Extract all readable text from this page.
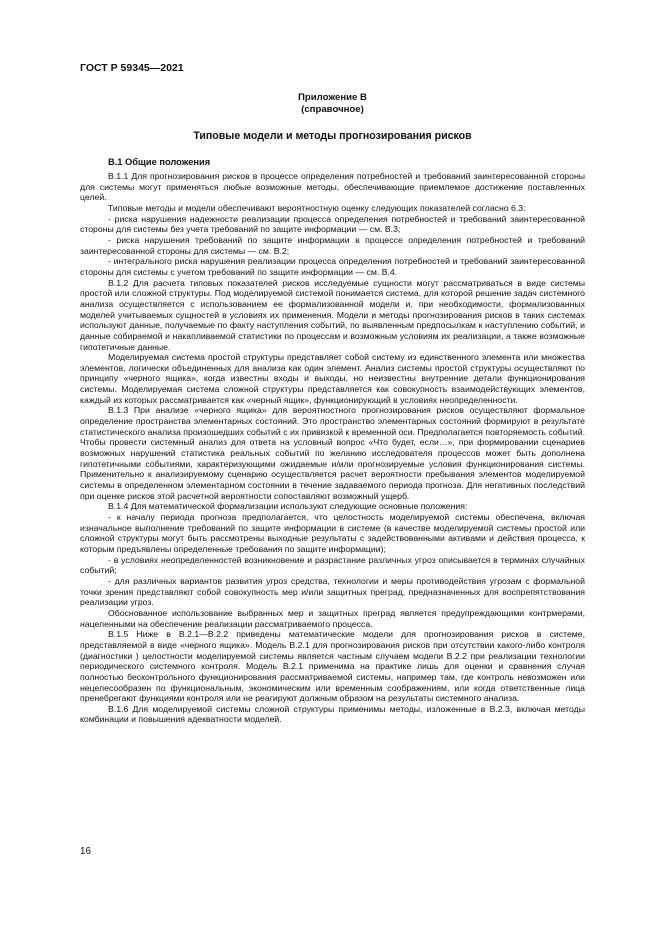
ГОСТ Р 59345—2021
Приложение В
(справочное)
Типовые модели и методы прогнозирования рисков
В.1 Общие положения

В.1.1 Для прогнозирования рисков в процессе определения потребностей и требований заинтересованной стороны для системы могут применяться любые возможные методы, обеспечивающие приемлемое достижение поставленных целей.

Типовые методы и модели обеспечивают вероятностную оценку следующих показателей согласно 6.3:

- риска нарушения надежности реализации процесса определения потребностей и требований заинтересованной стороны для системы без учета требований по защите информации — см. В.3;

- риска нарушения требований по защите информации в процессе определения потребностей и требований заинтересованной стороны для системы — см. В.2;

- интегрального риска нарушения реализации процесса определения потребностей и требований заинтересованной стороны для системы с учетом требований по защите информации — см. В.4.

В.1.2 Для расчета типовых показателей рисков исследуемые сущности могут рассматриваться в виде системы простой или сложной структуры. Под моделируемой системой понимается система, для которой решение задач системного анализа осуществляется с использованием ее формализованной модели и, при необходимости, формализованных моделей учитываемых сущностей в условиях их применения. Модели и методы прогнозирования рисков в таких системах используют данные, получаемые по факту наступления событий, по выявленным предпосылкам к наступлению событий, и данные собираемой и накапливаемой статистики по процессам и возможным условиям их реализации, а также возможные гипотетичные данные.

Моделируемая система простой структуры представляет собой систему из единственного элемента или множества элементов, логически объединенных для анализа как один элемент. Анализ системы простой структуры осуществляют по принципу «черного ящика», когда известны входы и выходы, но неизвестны внутренние детали функционирования системы. Моделируемая система сложной структуры представляется как совокупность взаимодействующих элементов, каждый из которых рассматривается как «черный ящик», функционирующий в условиях неопределенности.

В.1.3 При анализе «черного ящика» для вероятностного прогнозирования рисков осуществляют формальное определение пространства элементарных состояний. Это пространство элементарных состояний формируют в результате статистического анализа произошедших событий с их привязкой к временной оси. Предполагается повторяемость событий. Чтобы провести системный анализ для ответа на условный вопрос «Что будет, если…», при формировании сценариев возможных нарушений статистика реальных событий по желанию исследователя процессов может быть дополнена гипотетичными событиями, характеризующими ожидаемые и/или прогнозируемые условия функционирования системы. Применительно к анализируемому сценарию осуществляется расчет вероятности пребывания элементов моделируемой системы в определенном элементарном состоянии в течение задаваемого периода прогноза. Для негативных последствий при оценке рисков этой расчетной вероятности сопоставляют возможный ущерб.

В.1.4 Для математической формализации используют следующие основные положения:

- к началу периода прогноза предполагается, что целостность моделируемой системы обеспечена, включая изначальное выполнение требований по защите информации в системе (в качестве моделируемой системы простой или сложной структуры могут быть рассмотрены выходные результаты с задействованными активами и действия процесса, к которым предъявлены определенные требования по защите информации);

- в условиях неопределенностей возникновение и разрастание различных угроз описывается в терминах случайных событий;

- для различных вариантов развития угроз средства, технологии и меры противодействия угрозам с формальной точки зрения представляют собой совокупность мер и/или защитных преград, предназначенных для воспрепятствования реализации угроз.

Обоснованное использование выбранных мер и защитных преград является предупреждающими контрмерами, нацеленными на обеспечение реализации рассматриваемого процесса.

В.1.5 Ниже в В.2.1—В.2.2 приведены математические модели для прогнозирования рисков в системе, представляемой в виде «черного ящика». Модель В.2.1 для прогнозирования рисков при отсутствии какого-либо контроля (диагностики ) целостности моделируемой системы является частным случаем модели В.2.2 при реализации технологии периодического системного контроля. Модель В.2.1 применима на практике лишь для оценки и сравнения случая полностью бесконтрольного функционирования рассматриваемой системы, например там, где контроль невозможен или нецелесообразен по функциональным, экономическим или временным соображениям, или когда ответственные лица пренебрегают функциями контроля или не реагируют должным образом на результаты системного анализа.

В.1.6 Для моделируемой системы сложной структуры применимы методы, изложенные в В.2.3, включая методы комбинации и повышения адекватности моделей.

16
